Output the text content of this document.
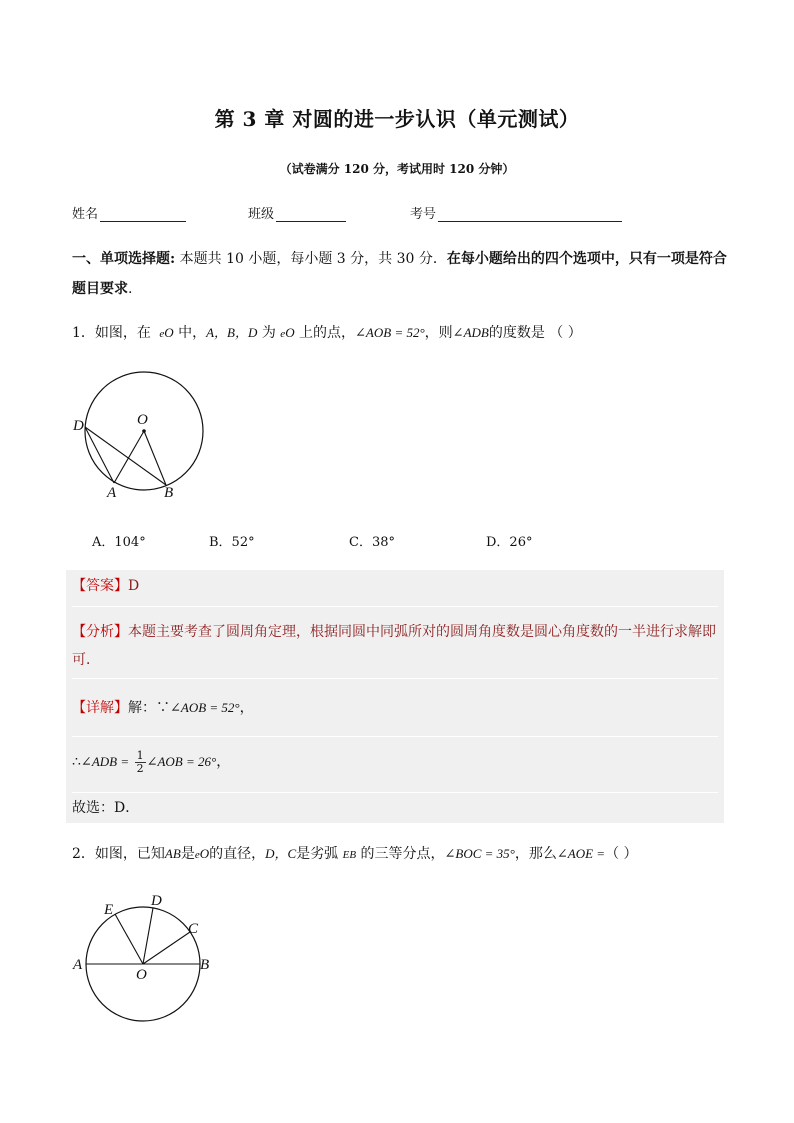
第 3 章 对圆的进一步认识（单元测试）
（试卷满分 120 分，考试用时 120 分钟）
姓名	班级	考号
一、单项选择题: 本题共 10 小题，每小题 3 分，共 30 分．在每小题给出的四个选项中，只有一项是符合题目要求.
1．如图，在 eO 中，A，B，D 为 eO 上的点，∠AOB = 52°，则∠ADB的度数是 （ ）
D	O
A	B
A．104°	B．52°	C．38°	D．26°
【答案】D
【分析】本题主要考查了圆周角定理，根据同圆中同弧所对的圆周角度数是圆心角度数的一半进行求解即
可．
【详解】解：∵∠AOB = 52°，
∴∠ADB = $\frac{1}{2}$ ∠AOB = 26°，
故选：D．
2．如图，已知AB是eO的直径，D，C是劣弧 EB 的三等分点，∠BOC = 35°，那么∠AOE =（ ）
E
D
C
A
O
B
